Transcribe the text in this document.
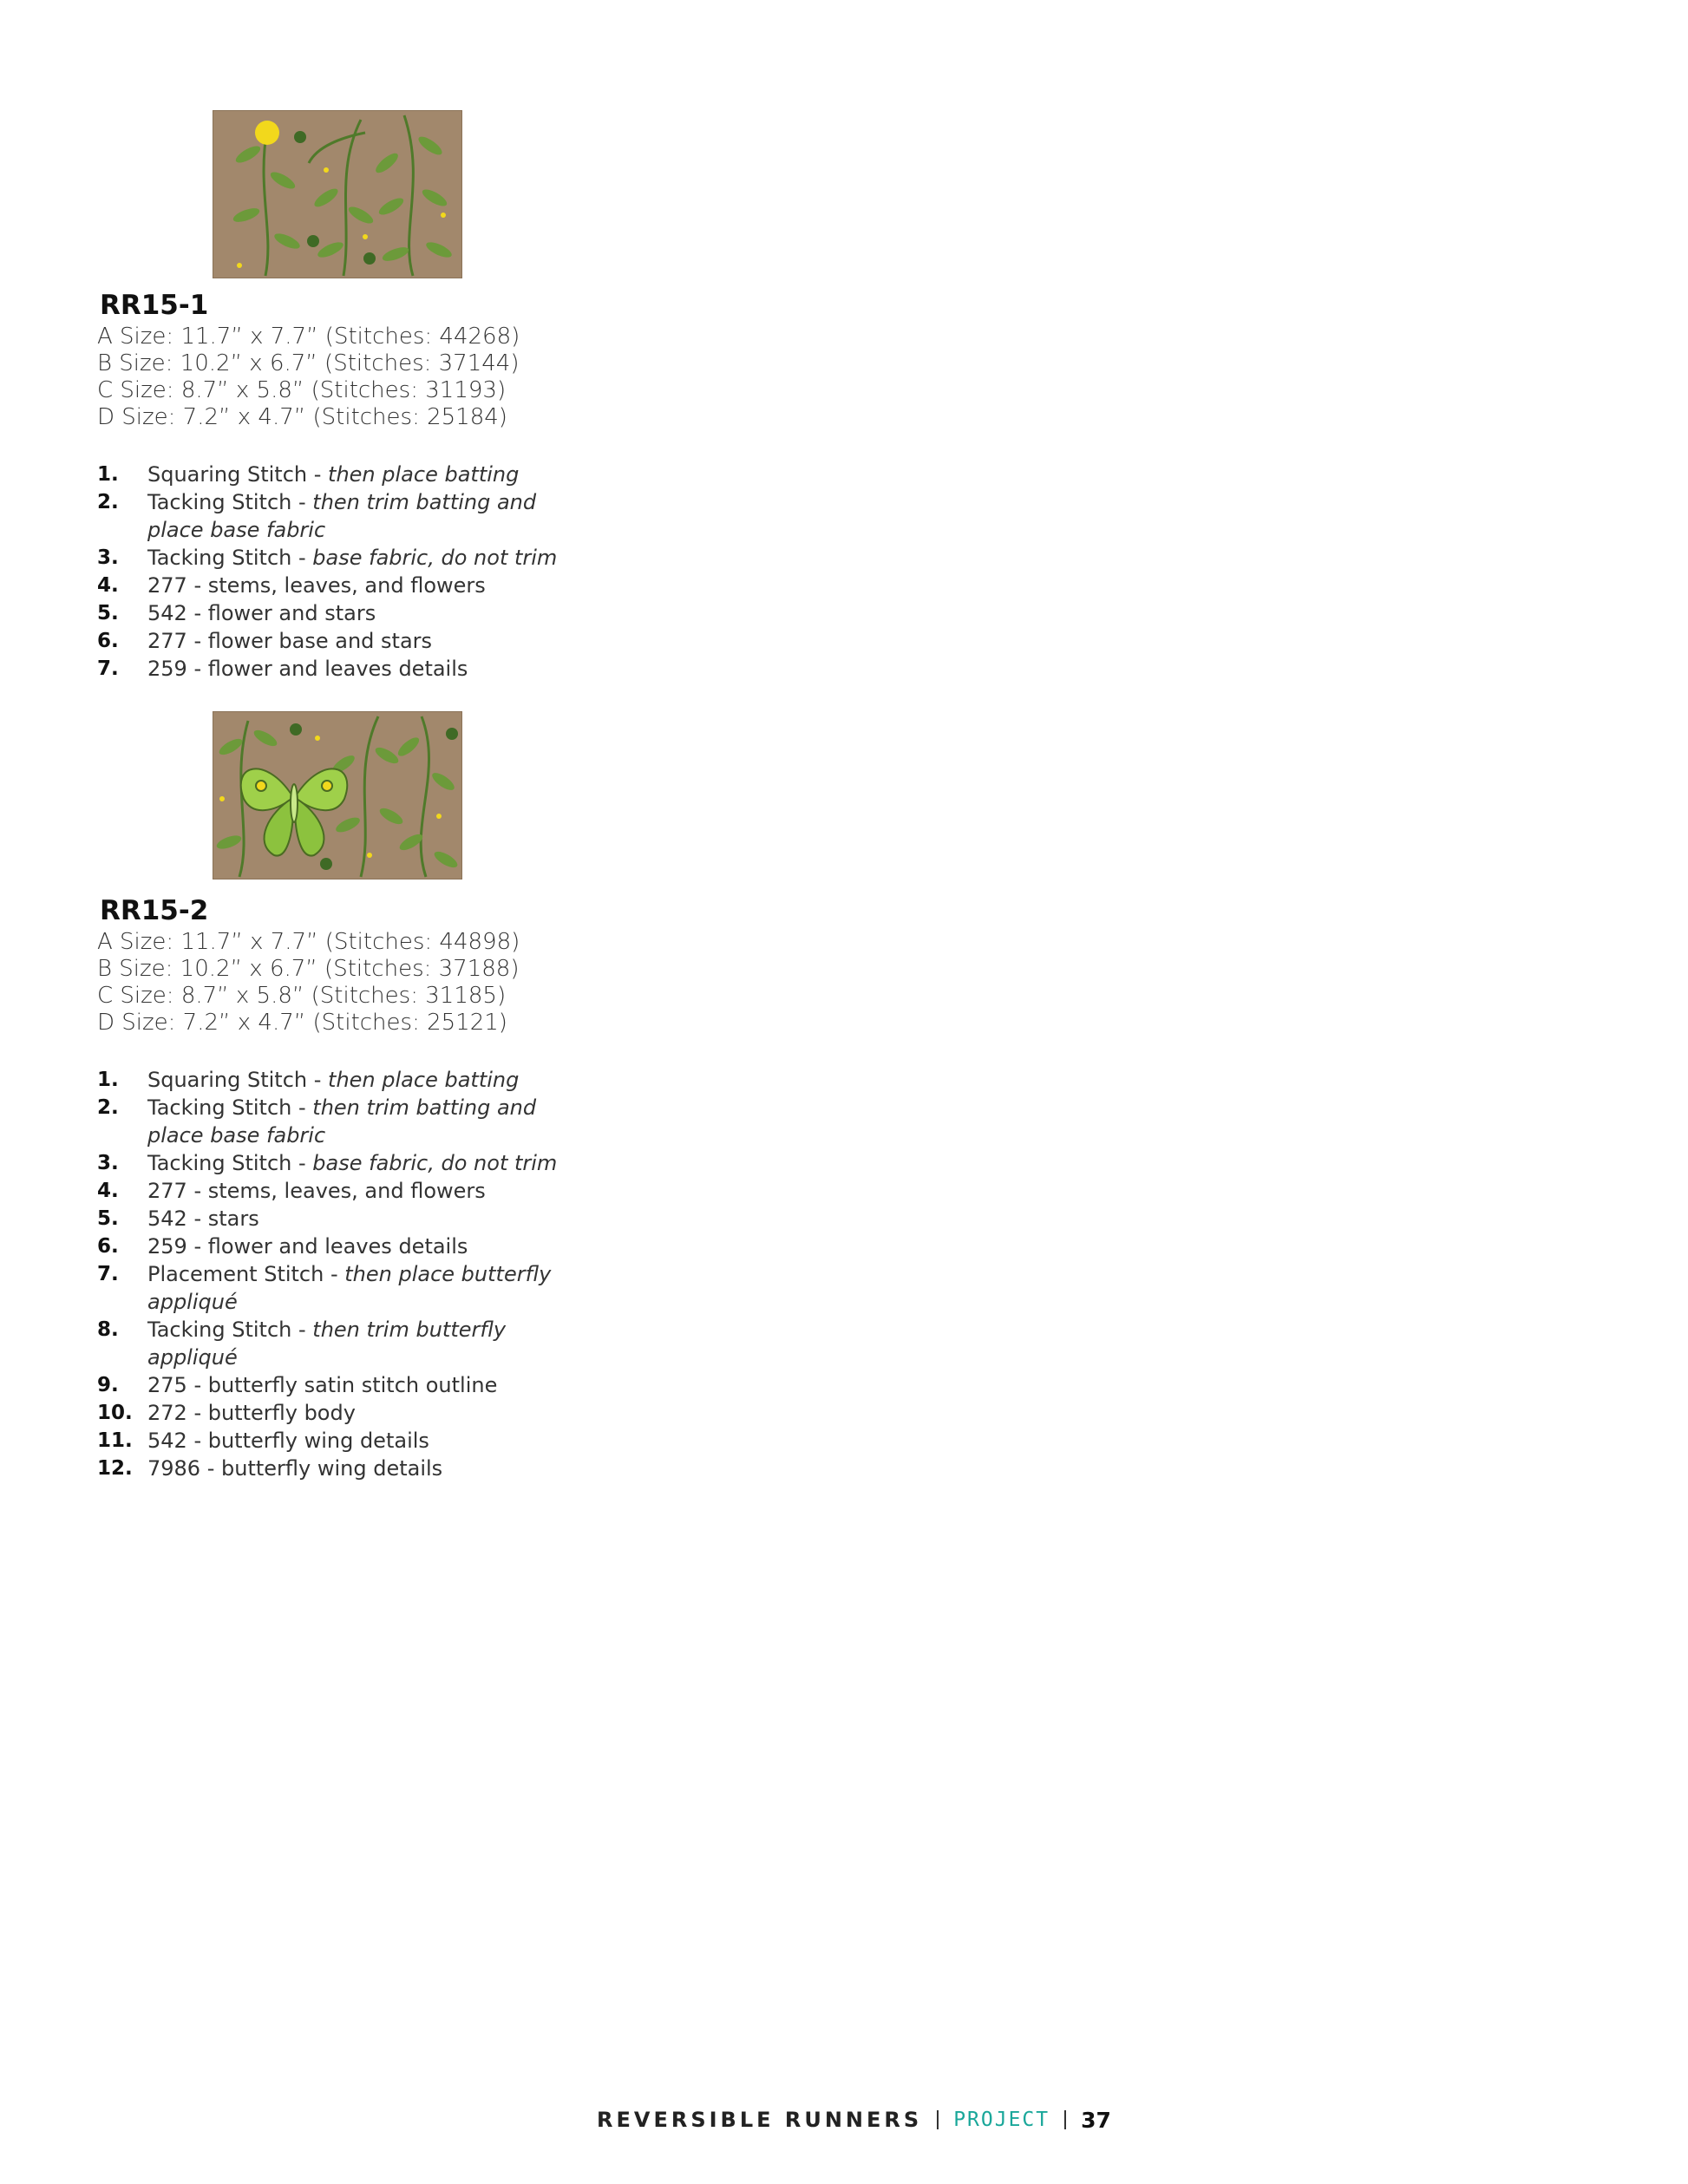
RR15-1
A Size: 11.7” x 7.7” (Stitches: 44268)
B Size: 10.2” x 6.7” (Stitches: 37144)
C Size: 8.7” x 5.8” (Stitches: 31193)
D Size: 7.2” x 4.7” (Stitches: 25184)
1.	Squaring Stitch - then place batting
2.	Tacking Stitch - then trim batting and place base fabric
3.	Tacking Stitch - base fabric, do not trim
4.	277 - stems, leaves, and flowers
5.	542 - flower and stars
6.	277 - flower base and stars
7.	259 - flower and leaves details
RR15-2
A Size: 11.7” x 7.7” (Stitches: 44898)
B Size: 10.2” x 6.7” (Stitches: 37188)
C Size: 8.7” x 5.8” (Stitches: 31185)
D Size: 7.2” x 4.7” (Stitches: 25121)
1.	Squaring Stitch - then place batting
2.	Tacking Stitch - then trim batting and place base fabric
3.	Tacking Stitch - base fabric, do not trim
4.	277 - stems, leaves, and flowers
5.	542 - stars
6.	259 - flower and leaves details
7.	Placement Stitch - then place butterfly appliqué
8.	Tacking Stitch - then trim butterfly appliqué
9.	275 - butterfly satin stitch outline
10. 272 - butterfly body
11. 542 - butterfly wing details
12. 7986 - butterfly wing details
REVERSIBLE RUNNERS PROJECT 37
